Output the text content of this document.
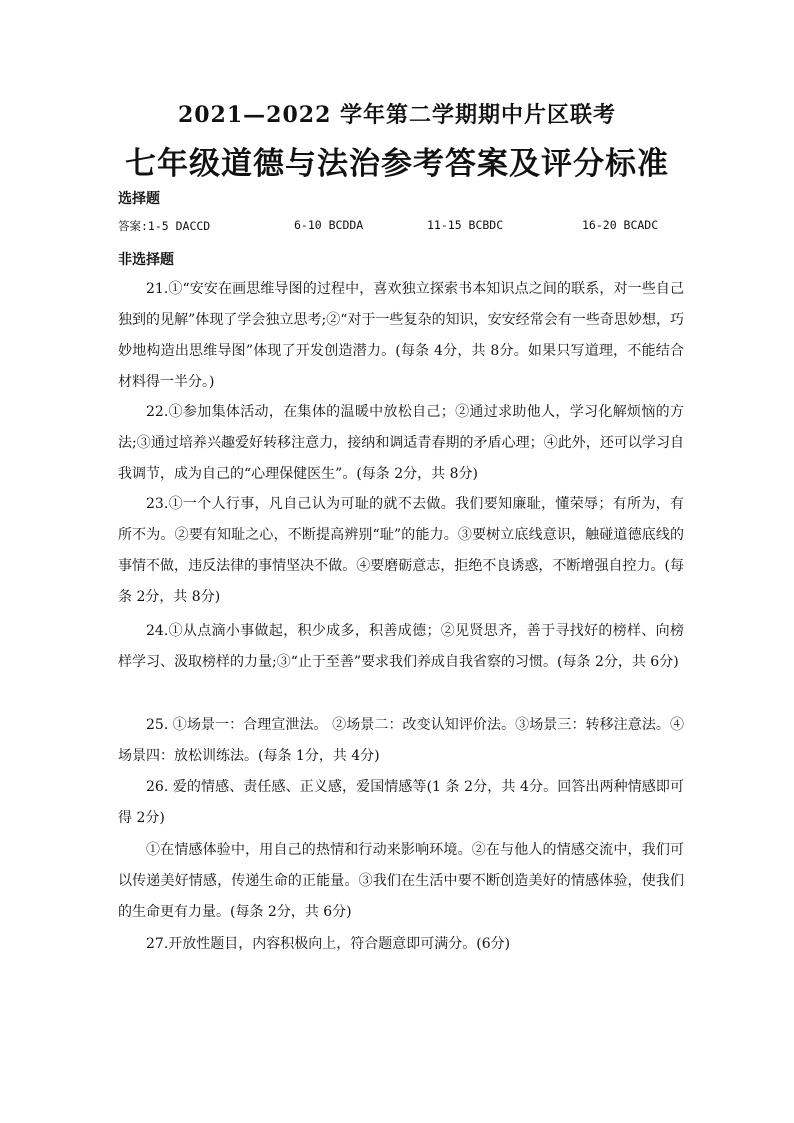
2021—2022 学年第二学期期中片区联考
七年级道德与法治参考答案及评分标准
选择题
答案:1-5 DACCD	6-10 BCDDA	11-15 BCBDC	16-20 BCADC
非选择题
21.①“安安在画思维导图的过程中，喜欢独立探索书本知识点之间的联系，对一些自己独到的见解”体现了学会独立思考;②“对于一些复杂的知识，安安经常会有一些奇思妙想，巧妙地构造出思维导图”体现了开发创造潜力。(每条 4分，共 8分。如果只写道理，不能结合材料得一半分。)
22.①参加集体活动，在集体的温暖中放松自己；②通过求助他人，学习化解烦恼的方法;③通过培养兴趣爱好转移注意力，接纳和调适青春期的矛盾心理；④此外，还可以学习自我调节，成为自己的“心理保健医生”。(每条 2分，共 8分)
23.①一个人行事，凡自己认为可耻的就不去做。我们要知廉耻，懂荣辱；有所为，有所不为。②要有知耻之心，不断提高辨别“耻”的能力。③要树立底线意识，触碰道德底线的事情不做，违反法律的事情坚决不做。④要磨砺意志，拒绝不良诱惑，不断增强自控力。(每条 2分，共 8分)
24.①从点滴小事做起，积少成多，积善成德；②见贤思齐，善于寻找好的榜样、向榜样学习、汲取榜样的力量;③“止于至善”要求我们养成自我省察的习惯。(每条 2分，共 6分)
25. ①场景一：合理宣泄法。 ②场景二：改变认知评价法。③场景三：转移注意法。④场景四：放松训练法。(每条 1分，共 4分)
26. 爱的情感、责任感、正义感，爱国情感等(1 条 2分，共 4分。回答出两种情感即可得 2分)
①在情感体验中，用自己的热情和行动来影响环境。②在与他人的情感交流中，我们可以传递美好情感，传递生命的正能量。③我们在生活中要不断创造美好的情感体验，使我们的生命更有力量。(每条 2分，共 6分)
27.开放性题目，内容积极向上，符合题意即可满分。(6分)
